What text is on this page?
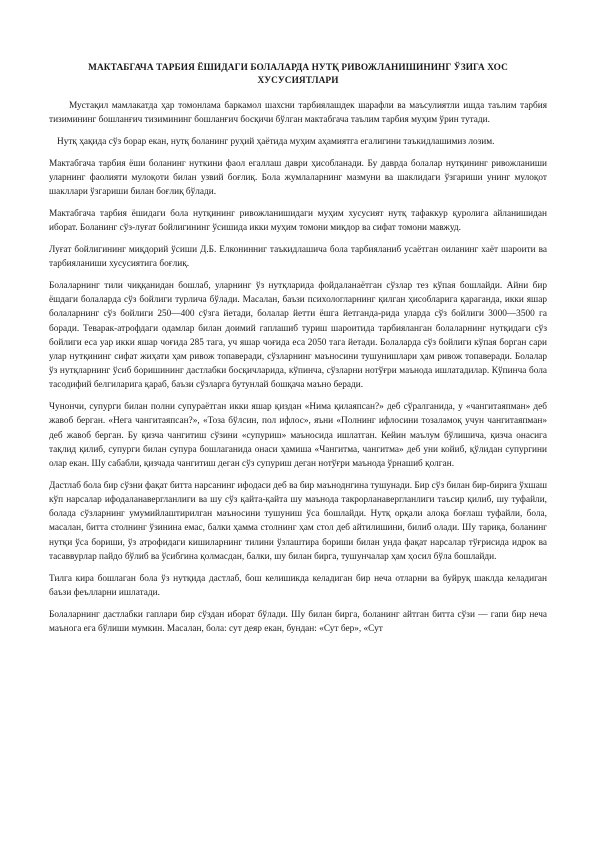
МАКТАБГАЧА ТАРБИЯ ЁШИДАГИ БОЛАЛАРДА НУТҚ РИВОЖЛАНИШИНИНГ ЎЗИГА ХОС ХУСУСИЯТЛАРИ

Мустақил мамлакатда ҳар томонлама баркамол шахсни тарбиялашдек шарафли ва маъсулиятли ишда таълим тарбия тизимининг бошланғич тизимининг бошланғич босқичи бўлган мактабгача таълим тарбия муҳим ўрин тутади.

Нутқ ҳақида сўз борар екан, нутқ боланинг руҳий ҳаётида муҳим аҳамиятга егалигини таъкидлашимиз лозим.

Мактабгача тарбия ёши боланинг нуткини фаол егаллаш даври ҳисобланади. Бу даврда болалар нутқининг ривожланиши уларнинг фаолияти мулоқоти билан узвий боғлиқ. Бола жумлаларнинг мазмуни ва шаклидаги ўзгариши унинг мулоқот шакллари ўзгариши билан боғлиқ бўлади.

Мактабгача тарбия ёшидаги бола нутқининг ривожланишидаги муҳим хусусият нутқ тафаккур қуролига айланишидан иборат. Боланинг сўз-луғат бойлигининг ўсишида икки муҳим томони миқдор ва сифат томони мавжуд.

Луғат бойлигининг миқдорий ўсиши Д.Б. Елконинниг таъкидлашича бола тарбияланиб усаётган оиланинг хаёт шароити ва тарбияланиши хусусиятига боғлиқ.

Болаларнинг тили чиққанидан бошлаб, уларнинг ўз нутқларида фойдаланаётган сўзлар тез кўпая бошлайди. Айни бир ёшдаги болаларда сўз бойлиги турлича бўлади. Масалан, баъзи психологларнинг қилган ҳисобларига қараганда, икки яшар болаларнинг сўз бойлиги 250—400 сўзга йетади, болалар йетти ёшга йетганда-рида уларда сўз бойлиги 3000—3500 га боради. Теварак-атрофдаги одамлар билан доимий гаплашиб туриш шароитида тарбияланган болаларнинг нутқидаги сўз бойлиги еса уар икки яшар чоғида 285 тага, уч яшар чоғида еса 2050 тага йетади. Болаларда сўз бойлиги кўпая борган сари улар нутқининг сифат жиҳати ҳам ривож топаверади, сўзларнинг маъносини тушунишлари ҳам ривож топаверади. Болалар ўз нутқларнинг ўсиб боришининг дастлабки босқичларида, кўпинча, сўзларни нотўғри маънода ишлатадилар. Кўпинча бола тасодифий белгиларига қараб, баъзи сўзларга бутунлай бошқача маъно беради.

Чунончи, супурги билан полни супураётган икки яшар қиздан «Нима қилаяпсан?» деб сўралганида, у «чангитаяпман» деб жавоб берган. «Нега чангитаяпсан?», «Тоза бўлсин, пол ифлос», яъни «Полнинг ифлосини тозаламоқ учун чангитаяпман» деб жавоб берган. Бу қизча чангитиш сўзини «супуриш» маъносида ишлатган. Кейин маълум бўлишича, қизча онасига тақлид қилиб, супурги билан супура бошлаганида онаси ҳамиша «Чангитма, чангитма» деб уни койиб, қўлидан супургини олар екан. Шу сабабли, қизчада чангитиш деган сўз супуриш деган нотўғри маънода ўрнашиб қолган.

Дастлаб бола бир сўзни фақат битта нарсанинг ифодаси деб ва бир маъноднгина тушунади. Бир сўз билан бир-бирига ўхшаш кўп нарсалар ифодаланавергланлиги ва шу сўз қайта-қайта шу маънода такрорланавергланлиги таъсир қилиб, шу туфайли, болада сўзларнинг умумийлаштирилган маъносини тушуниш ўса бошлайди. Нутқ орқали алоқа боғлаш туфайли, бола, масалан, битта столнинг ўзинина емас, балки ҳамма столнинг ҳам стол деб айтилишини, билиб олади. Шу тариқа, боланинг нутқи ўса бориши, ўз атрофидаги кишиларнинг тилини ўзлаштира бориши билан унда фақат нарсалар тўғрисида идрок ва тасаввурлар пайдо бўлиб ва ўсибгина қолмасдан, балки, шу билан бирга, тушунчалар ҳам ҳосил бўла бошлайди.

Тилга кира бошлаган бола ўз нутқида дастлаб, бош келишикда келадиган бир неча отларни ва буйруқ шаклда келадиган баъзи феълларни ишлатади.

Болаларнинг дастлабки гаплари бир сўздан иборат бўлади. Шу билан бирга, боланинг айтган битта сўзи — гапи бир неча маънога ега бўлиши мумкин. Масалан, бола: сут деяр екан, бундан: «Сут бер», «Сут
